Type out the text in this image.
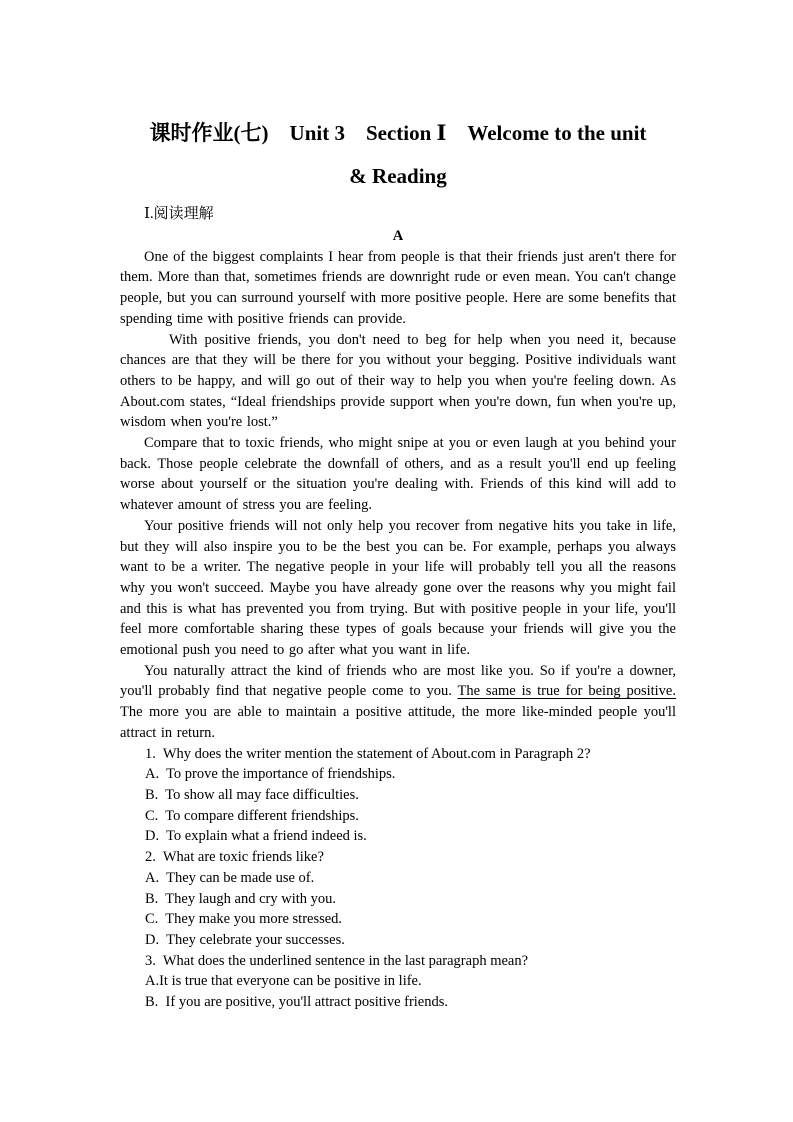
课时作业(七)　Unit 3　Section Ⅰ　Welcome to the unit
& Reading
Ⅰ.阅读理解
A

One of the biggest complaints I hear from people is that their friends just aren't there for them. More than that, sometimes friends are downright rude or even mean. You can't change people, but you can surround yourself with more positive people. Here are some benefits that spending time with positive friends can provide.

With positive friends, you don't need to beg for help when you need it, because chances are that they will be there for you without your begging. Positive individuals want others to be happy, and will go out of their way to help you when you're feeling down. As About.com states, “Ideal friendships provide support when you're down, fun when you're up, wisdom when you're lost.”

Compare that to toxic friends, who might snipe at you or even laugh at you behind your back. Those people celebrate the downfall of others, and as a result you'll end up feeling worse about yourself or the situation you're dealing with. Friends of this kind will add to whatever amount of stress you are feeling.

Your positive friends will not only help you recover from negative hits you take in life, but they will also inspire you to be the best you can be. For example, perhaps you always want to be a writer. The negative people in your life will probably tell you all the reasons why you won't succeed. Maybe you have already gone over the reasons why you might fail and this is what has prevented you from trying. But with positive people in your life, you'll feel more comfortable sharing these types of goals because your friends will give you the emotional push you need to go after what you want in life.

You naturally attract the kind of friends who are most like you. So if you're a downer, you'll probably find that negative people come to you. The same is true for being positive. The more you are able to maintain a positive attitude, the more like-minded people you'll attract in return.

1.  Why does the writer mention the statement of About.com in Paragraph 2?
A.  To prove the importance of friendships.
B.  To show all may face difficulties.
C.  To compare different friendships.
D.  To explain what a friend indeed is.
2.  What are toxic friends like?
A.  They can be made use of.
B.  They laugh and cry with you.
C.  They make you more stressed.
D.  They celebrate your successes.
3.  What does the underlined sentence in the last paragraph mean?
A.It is true that everyone can be positive in life.
B.  If you are positive, you'll attract positive friends.
